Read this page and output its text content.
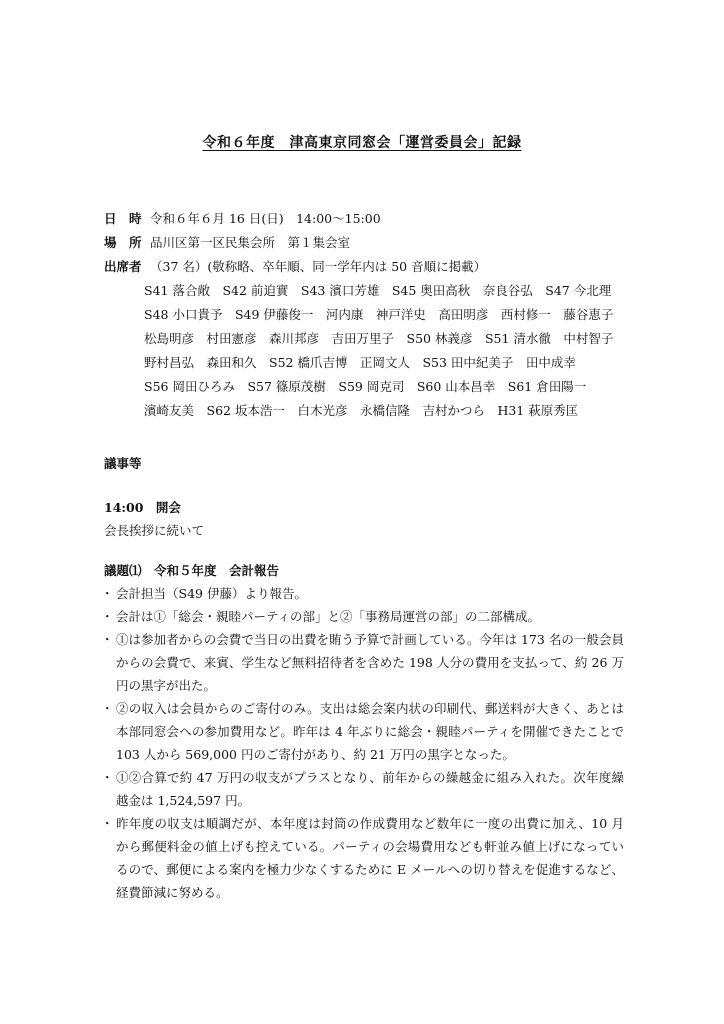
令和６年度　津高東京同窓会「運営委員会」記録
日　時 令和６年６月 16 日(日)　14:00～15:00
場　所 品川区第一区民集会所　第１集会室
出席者 （37 名）(敬称略、卒年順、同一学年内は 50 音順に掲載）
S41 落合敞　S42 前迫實　S43 濱口芳雄　S45 奥田高秋　奈良谷弘　S47 今北理
S48 小口貴予　S49 伊藤俊一　河内康　神戸洋史　高田明彦　西村修一　藤谷恵子
松島明彦　村田憲彦　森川邦彦　吉田万里子　S50 林義彦　S51 清水徹　中村智子
野村昌弘　森田和久　S52 橋爪吉博　正岡文人　S53 田中紀美子　田中成幸
S56 岡田ひろみ　S57 篠原茂樹　S59 岡克司　S60 山本昌幸　S61 倉田陽一
濱崎友美　S62 坂本浩一　白木光彦　永橋信隆　吉村かつら　H31 萩原秀匡
議事等
14:00　開会
会長挨拶に続いて
議題⑴　令和５年度　会計報告
・ 会計担当（S49 伊藤）より報告。
・ 会計は①「総会・親睦パーティの部」と②「事務局運営の部」の二部構成。
・ ①は参加者からの会費で当日の出費を賄う予算で計画している。今年は 173 名の一般会員からの会費で、来賓、学生など無料招待者を含めた 198 人分の費用を支払って、約 26 万円の黒字が出た。
・ ②の収入は会員からのご寄付のみ。支出は総会案内状の印刷代、郵送料が大きく、あとは本部同窓会への参加費用など。昨年は 4 年ぶりに総会・親睦パーティを開催できたことで 103 人から 569,000 円のご寄付があり、約 21 万円の黒字となった。
・ ①②合算で約 47 万円の収支がプラスとなり、前年からの繰越金に組み入れた。次年度繰越金は 1,524,597 円。
・ 昨年度の収支は順調だが、本年度は封筒の作成費用など数年に一度の出費に加え、10 月から郵便料金の値上げも控えている。パーティの会場費用なども軒並み値上げになっているので、郵便による案内を極力少なくするために E メールへの切り替えを促進するなど、経費節減に努める。
